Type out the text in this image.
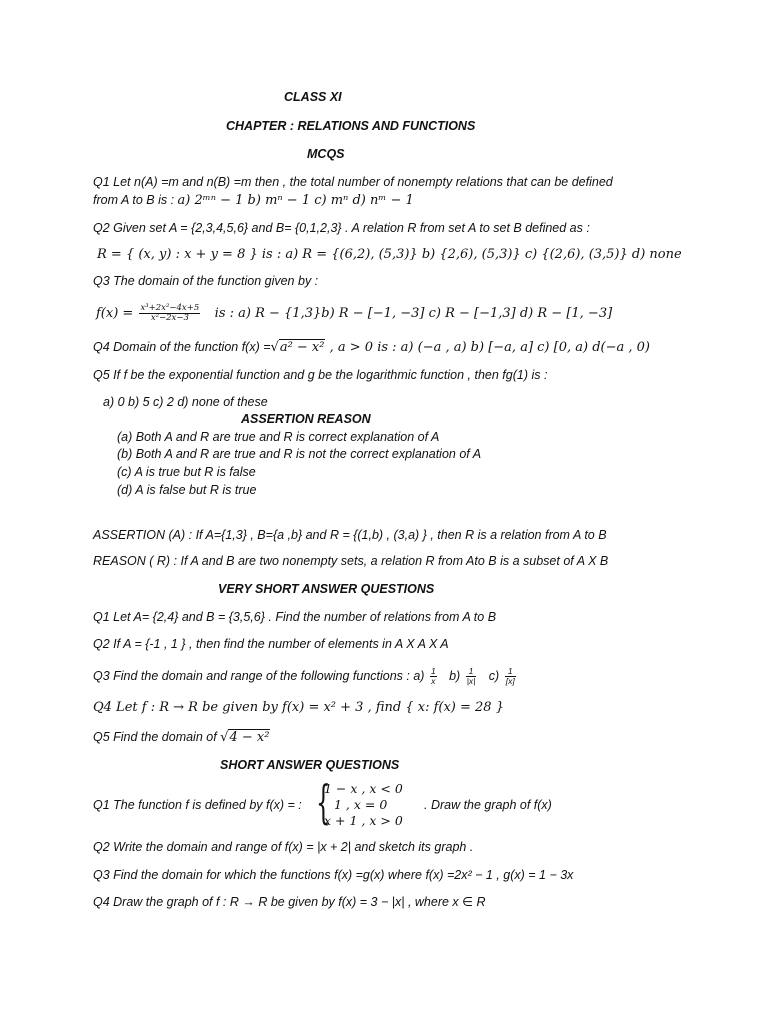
CLASS XI
CHAPTER : RELATIONS AND FUNCTIONS
MCQS
Q1 Let n(A) =m and n(B) =m then , the total number of nonempty relations that can be defined
from A to B is : a) 2ᵐⁿ − 1 b) mⁿ − 1 c) mⁿ d) nᵐ − 1
Q2 Given set A = {2,3,4,5,6} and B= {0,1,2,3} . A relation R from set A to set B defined as :
R = { (x, y) : x + y = 8 } is : a) R = {(6,2), (5,3)} b) {2,6), (5,3)} c) {(2,6), (3,5)} d) none
Q3 The domain of the function given by :
$f(x) = \frac{\text{x³+2x²−4x+5}}{\text{x²−2x−3}}$ is : a) R − {1,3}b) R − [−1, −3] c) R − [−1,3] d) R − [1, −3]
Q4 Domain of the function f(x) =√a² − x² , a > 0 is : a) (−a , a) b) [−a, a] c) [0, a) d(−a , 0)
Q5 If f be the exponential function and g be the logarithmic function , then fg(1) is :
a) 0 b) 5 c) 2 d) none of these
ASSERTION REASON
(a) Both A and R are true and R is correct explanation of A
(b) Both A and R are true and R is not the correct explanation of A
(c) A is true but R is false
(d) A is false but R is true
ASSERTION (A) : If A={1,3} , B={a ,b} and R = {(1,b) , (3,a) } , then R is a relation from A to B
REASON ( R) : If A and B are two nonempty sets, a relation R from Ato B is a subset of A X B
VERY SHORT ANSWER QUESTIONS
Q1 Let A= {2,4} and B = {3,5,6} . Find the number of relations from A to B
Q2 If A = {-1 , 1 } , then find the number of elements in A X A X A
Q3 Find the domain and range of the following functions : $a) \frac{1}{x} b) \frac{1}{|x|} c) \frac{1}{[x]}$
Q4 Let f : R → R be given by f(x) = x² + 3 , find { x: f(x) = 28 }
Q5 Find the domain of √4 − x²
SHORT ANSWER QUESTIONS
Q1 The function f is defined by f(x) = : {
1 − x , x < 0
1 , x = 0
x + 1 , x > 0
. Draw the graph of f(x)
Q2 Write the domain and range of f(x) = |x + 2| and sketch its graph .
Q3 Find the domain for which the functions f(x) =g(x) where f(x) =2x² − 1 , g(x) = 1 − 3x
Q4 Draw the graph of f : R → R be given by f(x) = 3 − |x| , where x ∈ R
